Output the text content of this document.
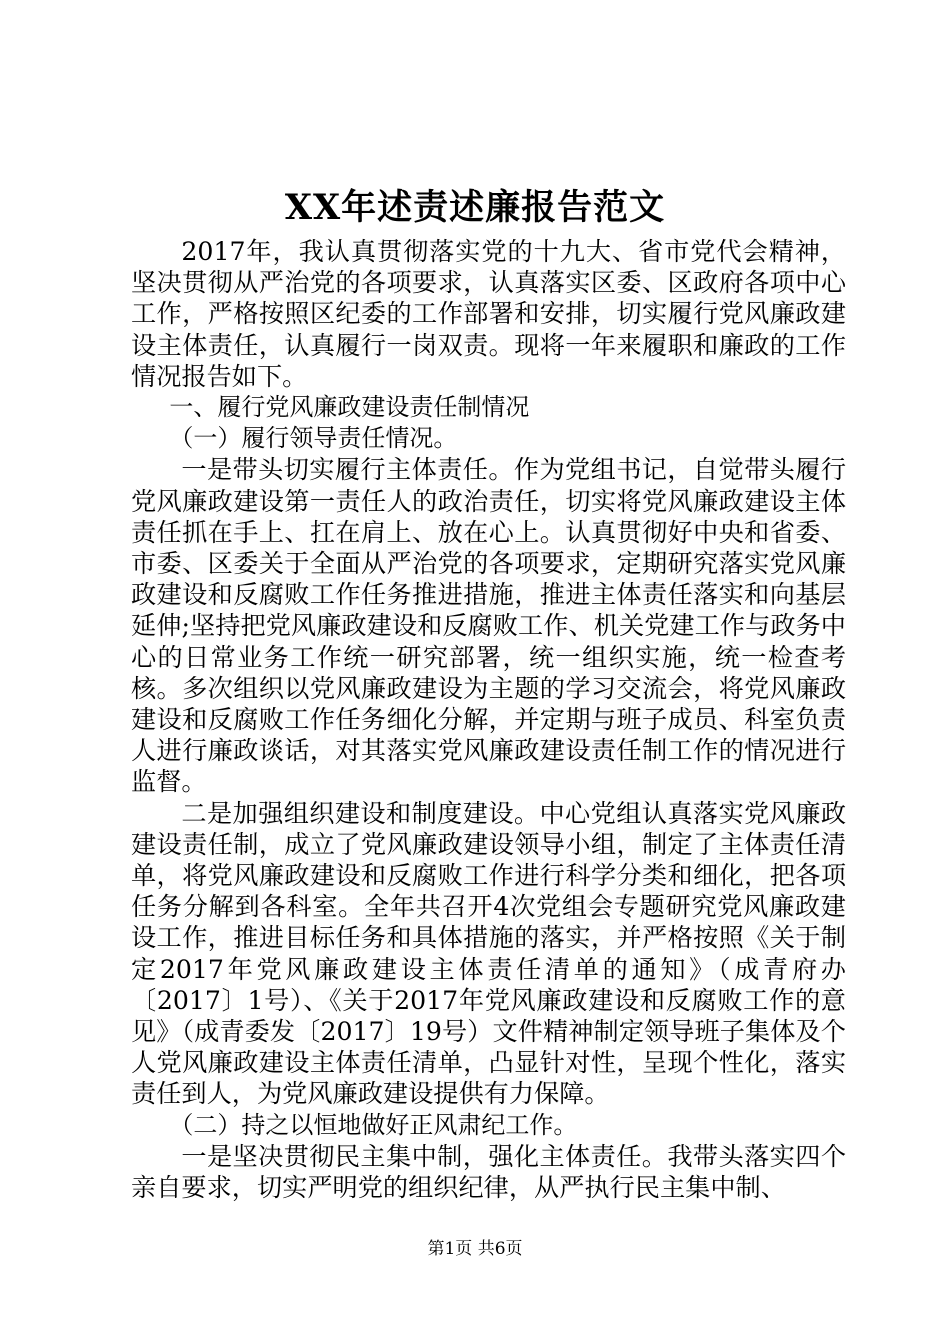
XX年述责述廉报告范文

2017年，我认真贯彻落实党的十九大、省市党代会精神，坚决贯彻从严治党的各项要求，认真落实区委、区政府各项中心工作，严格按照区纪委的工作部署和安排，切实履行党风廉政建设主体责任，认真履行一岗双责。现将一年来履职和廉政的工作情况报告如下。

一、履行党风廉政建设责任制情况

（一）履行领导责任情况。

一是带头切实履行主体责任。作为党组书记，自觉带头履行党风廉政建设第一责任人的政治责任，切实将党风廉政建设主体责任抓在手上、扛在肩上、放在心上。认真贯彻好中央和省委、市委、区委关于全面从严治党的各项要求，定期研究落实党风廉政建设和反腐败工作任务推进措施，推进主体责任落实和向基层延伸;坚持把党风廉政建设和反腐败工作、机关党建工作与政务中心的日常业务工作统一研究部署，统一组织实施，统一检查考核。多次组织以党风廉政建设为主题的学习交流会，将党风廉政建设和反腐败工作任务细化分解，并定期与班子成员、科室负责人进行廉政谈话，对其落实党风廉政建设责任制工作的情况进行监督。

二是加强组织建设和制度建设。中心党组认真落实党风廉政建设责任制，成立了党风廉政建设领导小组，制定了主体责任清单，将党风廉政建设和反腐败工作进行科学分类和细化，把各项任务分解到各科室。全年共召开4次党组会专题研究党风廉政建设工作，推进目标任务和具体措施的落实，并严格按照《关于制定2017年党风廉政建设主体责任清单的通知》（成青府办〔2017〕1号）、《关于2017年党风廉政建设和反腐败工作的意见》（成青委发〔2017〕19号）文件精神制定领导班子集体及个人党风廉政建设主体责任清单，凸显针对性，呈现个性化，落实责任到人，为党风廉政建设提供有力保障。

（二）持之以恒地做好正风肃纪工作。

一是坚决贯彻民主集中制，强化主体责任。我带头落实四个亲自要求，切实严明党的组织纪律，从严执行民主集中制、

第1页 共6页
